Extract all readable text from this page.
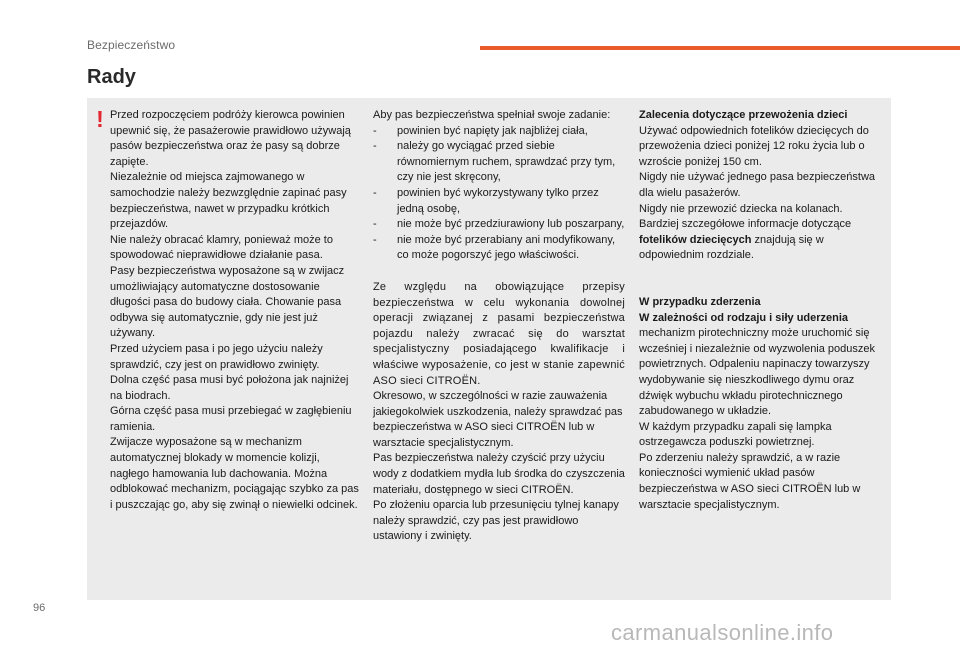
Bezpieczeństwo
Rady
! Przed rozpoczęciem podróży kierowca powinien upewnić się, że pasażerowie prawidłowo używają pasów bezpieczeństwa oraz że pasy są dobrze zapięte.

Niezależnie od miejsca zajmowanego w samochodzie należy bezwzględnie zapinać pasy bezpieczeństwa, nawet w przypadku krótkich przejazdów.

Nie należy obracać klamry, ponieważ może to spowodować nieprawidłowe działanie pasa.

Pasy bezpieczeństwa wyposażone są w zwijacz umożliwiający automatyczne dostosowanie długości pasa do budowy ciała. Chowanie pasa odbywa się automatycznie, gdy nie jest już używany.

Przed użyciem pasa i po jego użyciu należy sprawdzić, czy jest on prawidłowo zwinięty.

Dolna część pasa musi być położona jak najniżej na biodrach.

Górna część pasa musi przebiegać w zagłębieniu ramienia.

Zwijacze wyposażone są w mechanizm automatycznej blokady w momencie kolizji, nagłego hamowania lub dachowania. Można odblokować mechanizm, pociągając szybko za pas i puszczając go, aby się zwinął o niewielki odcinek.

Aby pas bezpieczeństwa spełniał swoje zadanie:

- powinien być napięty jak najbliżej ciała,
- należy go wyciągać przed siebie równomiernym ruchem, sprawdzać przy tym, czy nie jest skręcony,
- powinien być wykorzystywany tylko przez jedną osobę,
- nie może być przedziurawiony lub poszarpany,
- nie może być przerabiany ani modyfikowany, co może pogorszyć jego właściwości.

Ze względu na obowiązujące przepisy bezpieczeństwa w celu wykonania dowolnej operacji związanej z pasami bezpieczeństwa pojazdu należy zwracać się do warsztat specjalistyczny posiadającego kwalifikacje i właściwe wyposażenie, co jest w stanie zapewnić ASO sieci CITROËN.

Okresowo, w szczególności w razie zauważenia jakiegokolwiek uszkodzenia, należy sprawdzać pas bezpieczeństwa w ASO sieci CITROËN lub w warsztacie specjalistycznym.

Pas bezpieczeństwa należy czyścić przy użyciu wody z dodatkiem mydła lub środka do czyszczenia materiału, dostępnego w sieci CITROËN.

Po złożeniu oparcia lub przesunięciu tylnej kanapy należy sprawdzić, czy pas jest prawidłowo ustawiony i zwinięty.

Zalecenia dotyczące przewożenia dzieci

Używać odpowiednich fotelików dziecięcych do przewożenia dzieci poniżej 12 roku życia lub o wzroście poniżej 150 cm.

Nigdy nie używać jednego pasa bezpieczeństwa dla wielu pasażerów.

Nigdy nie przewozić dziecka na kolanach.

Bardziej szczegółowe informacje dotyczące fotelików dziecięcych znajdują się w odpowiednim rozdziale.

W przypadku zderzenia

W zależności od rodzaju i siły uderzenia

mechanizm pirotechniczny może uruchomić się wcześniej i niezależnie od wyzwolenia poduszek powietrznych. Odpaleniu napinaczy towarzyszy wydobywanie się nieszkodliwego dymu oraz dźwięk wybuchu wkładu pirotechnicznego zabudowanego w układzie.

W każdym przypadku zapali się lampka ostrzegawcza poduszki powietrznej.

Po zderzeniu należy sprawdzić, a w razie konieczności wymienić układ pasów bezpieczeństwa w ASO sieci CITROËN lub w warsztacie specjalistycznym.

96
carmanualsonline.info
